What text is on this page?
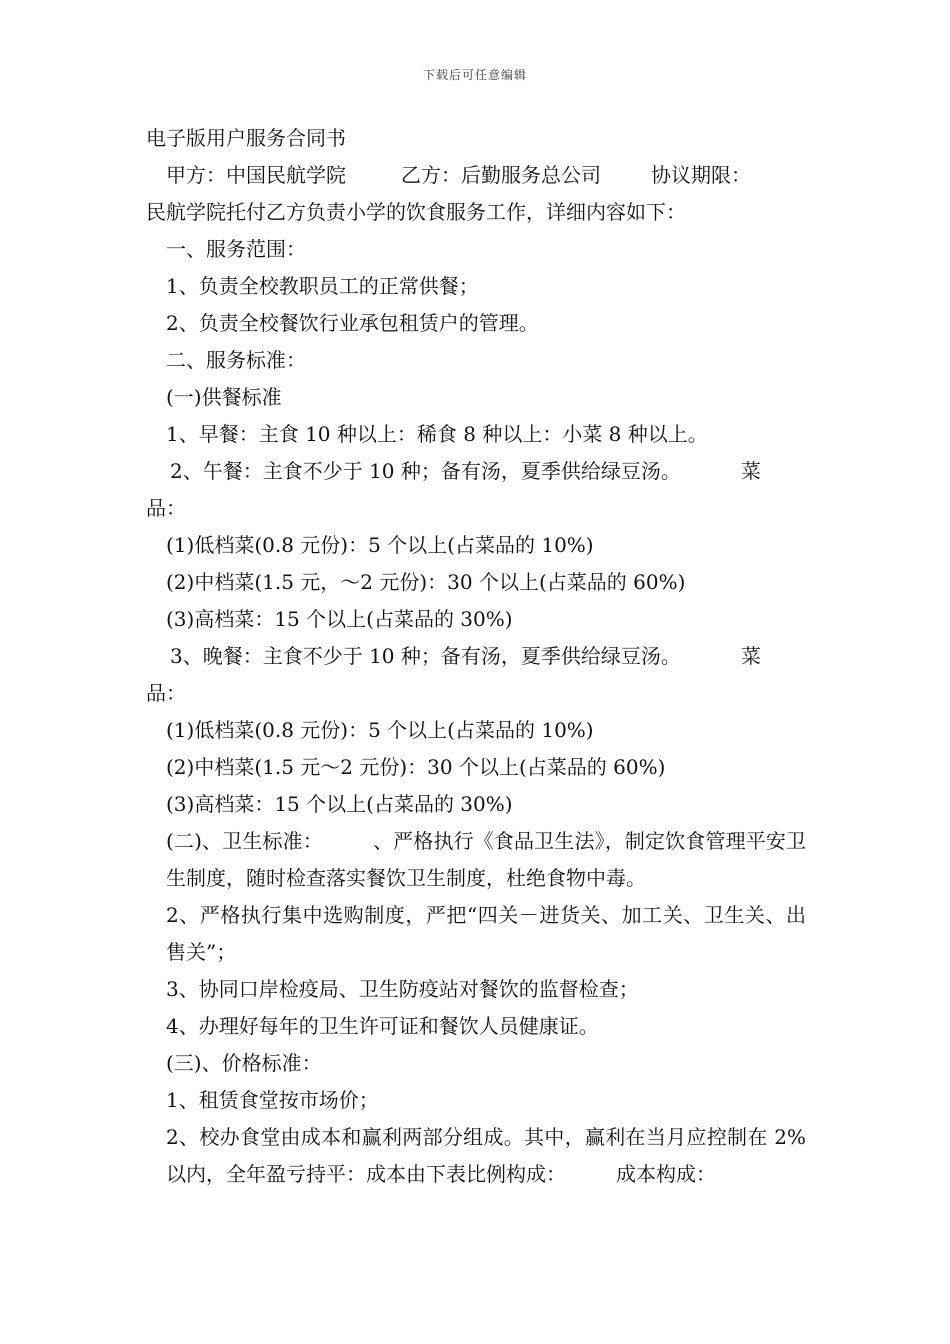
下载后可任意编辑
电子版用户服务合同书
甲方：中国民航学院	乙方：后勤服务总公司	协议期限：
民航学院托付乙方负责小学的饮食服务工作，详细内容如下：
一、服务范围：
1、负责全校教职员工的正常供餐；
2、负责全校餐饮行业承包租赁户的管理。
二、服务标准：
(一)供餐标准
1、早餐：主食 10 种以上：稀食 8 种以上：小菜 8 种以上。
2、午餐：主食不少于 10 种；备有汤，夏季供给绿豆汤。	菜
品：
(1)低档菜(0.8 元份)：5 个以上(占菜品的 10%)
(2)中档菜(1.5 元，～2 元份)：30 个以上(占菜品的 60%)
(3)高档菜：15 个以上(占菜品的 30%)
3、晚餐：主食不少于 10 种；备有汤，夏季供给绿豆汤。	菜
品：
(1)低档菜(0.8 元份)：5 个以上(占菜品的 10%)
(2)中档菜(1.5 元～2 元份)：30 个以上(占菜品的 60%)
(3)高档菜：15 个以上(占菜品的 30%)
(二)、卫生标准：	、严格执行《食品卫生法》，制定饮食管理平安卫生制度，随时检查落实餐饮卫生制度，杜绝食物中毒。
2、严格执行集中选购制度，严把“四关－进货关、加工关、卫生关、出售关”；
3、协同口岸检疫局、卫生防疫站对餐饮的监督检查；
4、办理好每年的卫生许可证和餐饮人员健康证。
(三)、价格标准：
1、租赁食堂按市场价；
2、校办食堂由成本和赢利两部分组成。其中，赢利在当月应控制在 2%以内，全年盈亏持平：成本由下表比例构成：	成本构成：
